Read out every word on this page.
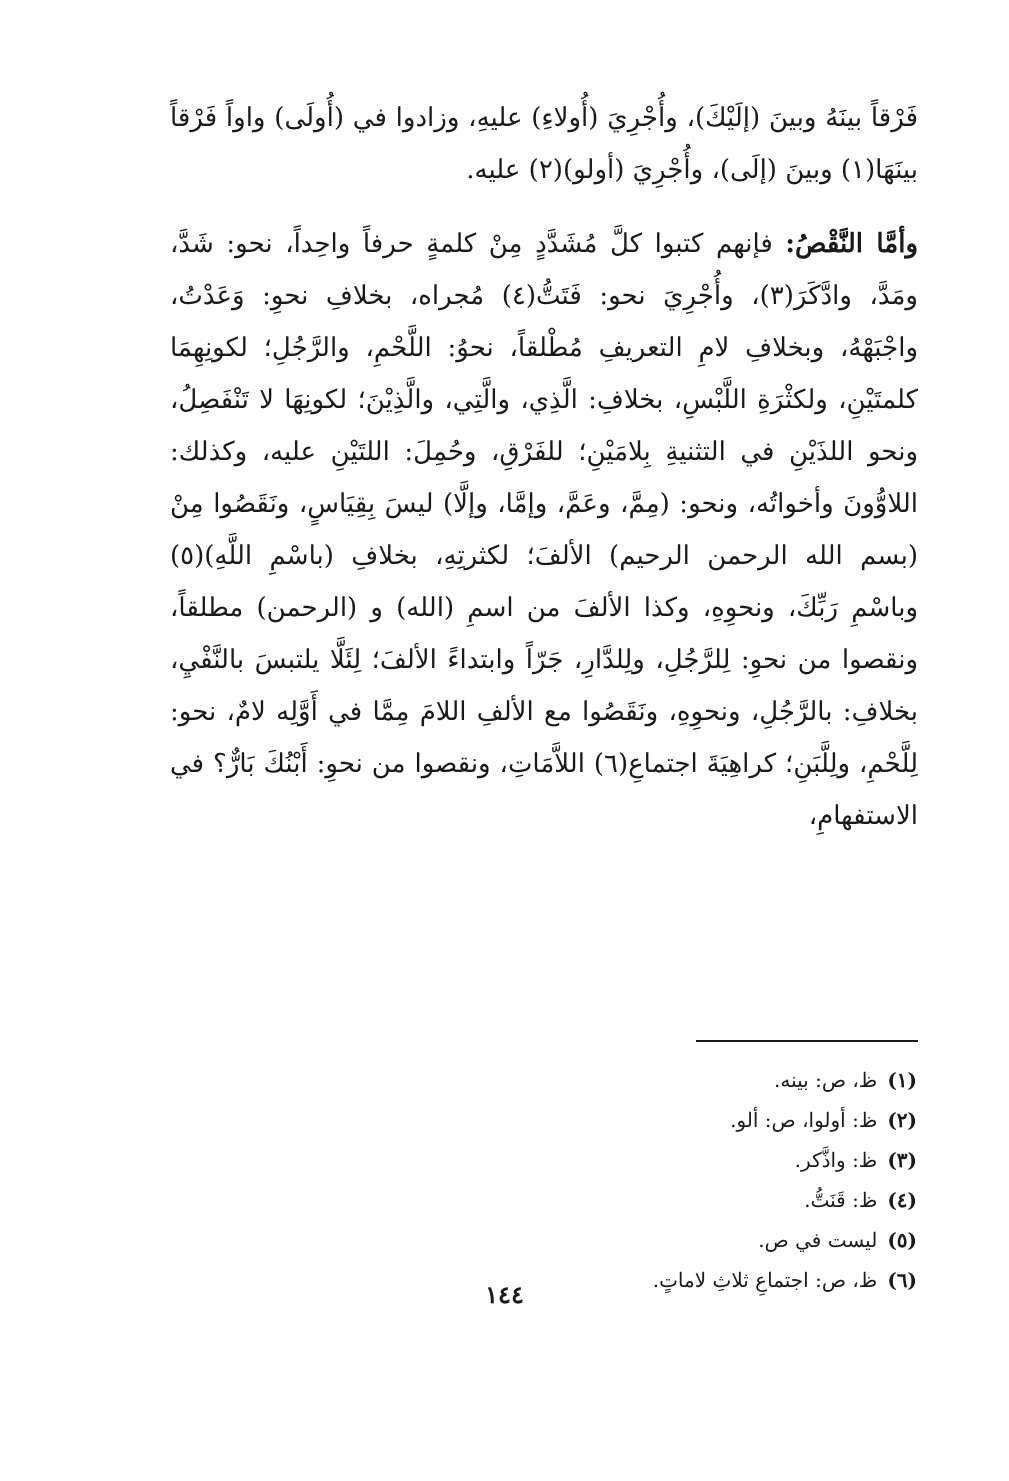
فَرْقاً بينَهُ وبينَ (إلَيْكَ)، وأُجْرِيَ (أُولاءِ) عليهِ، وزادوا في (أُولَى) واواً فَرْقاً بينَهَا(١) وبينَ (إلَى)، وأُجْرِيَ (أولو)(٢) عليه.

وأمَّا النَّقْصُ: فإنهم كتبوا كلَّ مُشَدَّدٍ مِنْ كلمةٍ حرفاً واحِداً، نحو: شَدَّ، ومَدَّ، وادَّكَرَ(٣)، وأُجْرِيَ نحو: فَتَتُّ(٤) مُجراه، بخلافِ نحوِ: وَعَدْتُ، واجْبَهْهُ، وبخلافِ لامِ التعريفِ مُطْلقاً، نحوُ: اللَّحْمِ، والرَّجُلِ؛ لكونِهِمَا كلمتَيْنِ، ولكثْرَةِ اللَّبْسِ، بخلافِ: الَّذِي، والَّتِي، والَّذِيْنَ؛ لكونِهَا لا تَنْفَصِلُ، ونحو اللذَيْنِ في التثنيةِ بِلامَيْنِ؛ للفَرْقِ، وحُمِلَ: اللتَيْنِ عليه، وكذلك: اللاوُّونَ وأخواتُه، ونحو: (مِمَّ، وعَمَّ، وإمَّا، وإلَّا) ليسَ بِقِيَاسٍ، ونَقَصُوا مِنْ (بسم الله الرحمن الرحيم) الألفَ؛ لكثرتِهِ، بخلافِ (باسْمِ اللَّهِ)(٥) وباسْمِ رَبِّكَ، ونحوِهِ، وكذا الألفَ من اسمِ (الله) و (الرحمن) مطلقاً، ونقصوا من نحوِ: لِلرَّجُلِ، ولِلدَّارِ، جَرّاً وابتداءً الألفَ؛ لِئَلَّا يلتبسَ بالنَّفْيِ، بخلافِ: بالرَّجُلِ، ونحوِهِ، ونَقَصُوا مع الألفِ اللامَ مِمَّا في أَوَّلِه لامٌ، نحو: لِلَّحْمِ، ولِلَّبَنِ؛ كراهِيَةَ اجتماعِ(٦) اللاَّمَاتِ، ونقصوا من نحوِ: أَبْنُكَ بَارٌّ؟ في الاستفهامِ،

(١)ظ، ص: بينه.
(٢)ظ: أولوا، ص: ألو.
(٣)ظ: واذَّكر.
(٤)ظ: قَنَتُّ.
(٥)ليست في ص.
(٦)ظ، ص: اجتماعِ ثلاثِ لاماتٍ.
١٤٤
